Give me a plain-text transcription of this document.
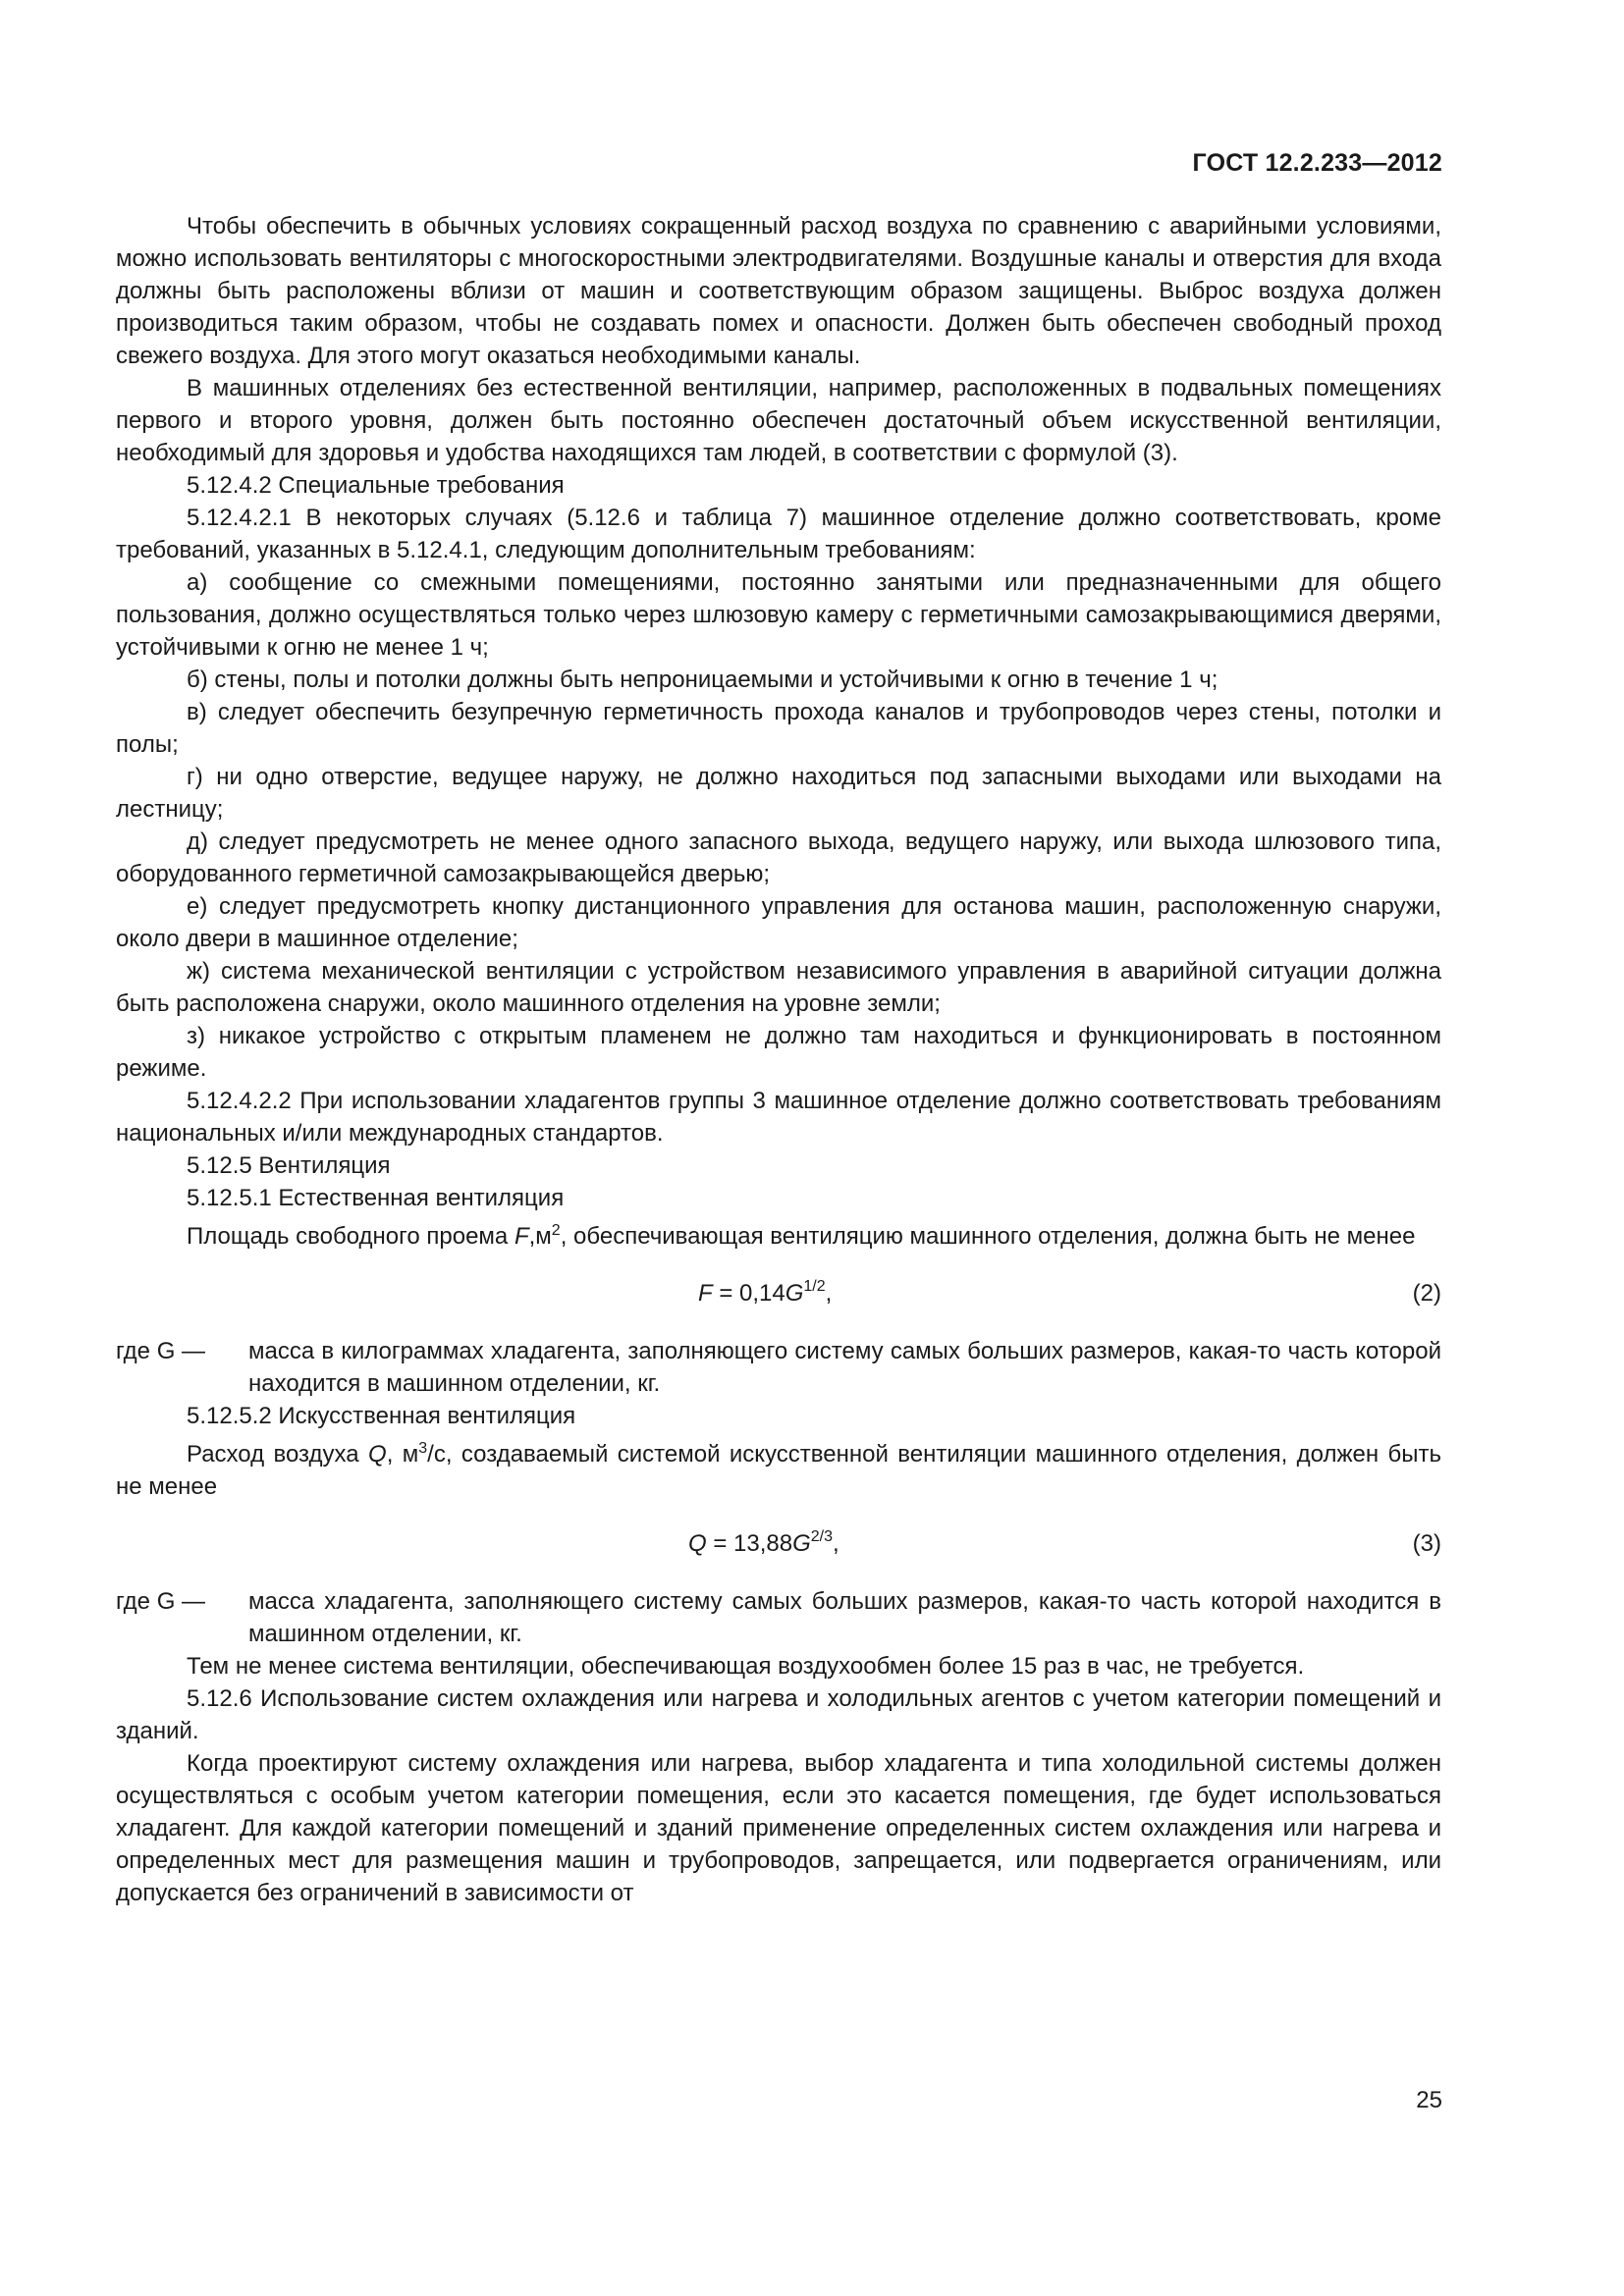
ГОСТ 12.2.233—2012

Чтобы обеспечить в обычных условиях сокращенный расход воздуха по сравнению с аварийными условиями, можно использовать вентиляторы с многоскоростными электродвигателями. Воздушные каналы и отверстия для входа должны быть расположены вблизи от машин и соответствующим образом защищены. Выброс воздуха должен производиться таким образом, чтобы не создавать помех и опасности. Должен быть обеспечен свободный проход свежего воздуха. Для этого могут оказаться необходимыми каналы.

В машинных отделениях без естественной вентиляции, например, расположенных в подвальных помещениях первого и второго уровня, должен быть постоянно обеспечен достаточный объем искусственной вентиляции, необходимый для здоровья и удобства находящихся там людей, в соответствии с формулой (3).

5.12.4.2 Специальные требования

5.12.4.2.1 В некоторых случаях (5.12.6 и таблица 7) машинное отделение должно соответствовать, кроме требований, указанных в 5.12.4.1, следующим дополнительным требованиям:

а) сообщение со смежными помещениями, постоянно занятыми или предназначенными для общего пользования, должно осуществляться только через шлюзовую камеру с герметичными самозакрывающимися дверями, устойчивыми к огню не менее 1 ч;

б) стены, полы и потолки должны быть непроницаемыми и устойчивыми к огню в течение 1 ч;

в) следует обеспечить безупречную герметичность прохода каналов и трубопроводов через стены, потолки и полы;

г) ни одно отверстие, ведущее наружу, не должно находиться под запасными выходами или выходами на лестницу;

д) следует предусмотреть не менее одного запасного выхода, ведущего наружу, или выхода шлюзового типа, оборудованного герметичной самозакрывающейся дверью;

е) следует предусмотреть кнопку дистанционного управления для останова машин, расположенную снаружи, около двери в машинное отделение;

ж) система механической вентиляции с устройством независимого управления в аварийной ситуации должна быть расположена снаружи, около машинного отделения на уровне земли;

з) никакое устройство с открытым пламенем не должно там находиться и функционировать в постоянном режиме.

5.12.4.2.2 При использовании хладагентов группы 3 машинное отделение должно соответствовать требованиям национальных и/или международных стандартов.

5.12.5 Вентиляция

5.12.5.1 Естественная вентиляция

Площадь свободного проема $F,м^2$, обеспечивающая вентиляцию машинного отделения, должна быть не менее

$F = 0,14G^{1/2}$,	(2)
где G —	масса в килограммах хладагента, заполняющего систему самых больших размеров, какая-то часть которой находится в машинном отделении, кг.

5.12.5.2 Искусственная вентиляция

Расход воздуха Q, $м^3/с$, создаваемый системой искусственной вентиляции машинного отделения, должен быть не менее

$Q = 13,88G^{2/3}$,	(3)
где G —	масса хладагента, заполняющего систему самых больших размеров, какая-то часть которой находится в машинном отделении, кг.

Тем не менее система вентиляции, обеспечивающая воздухообмен более 15 раз в час, не требуется.

5.12.6 Использование систем охлаждения или нагрева и холодильных агентов с учетом категории помещений и зданий.

Когда проектируют систему охлаждения или нагрева, выбор хладагента и типа холодильной системы должен осуществляться с особым учетом категории помещения, если это касается помещения, где будет использоваться хладагент. Для каждой категории помещений и зданий применение определенных систем охлаждения или нагрева и определенных мест для размещения машин и трубопроводов, запрещается, или подвергается ограничениям, или допускается без ограничений в зависимости от

25
